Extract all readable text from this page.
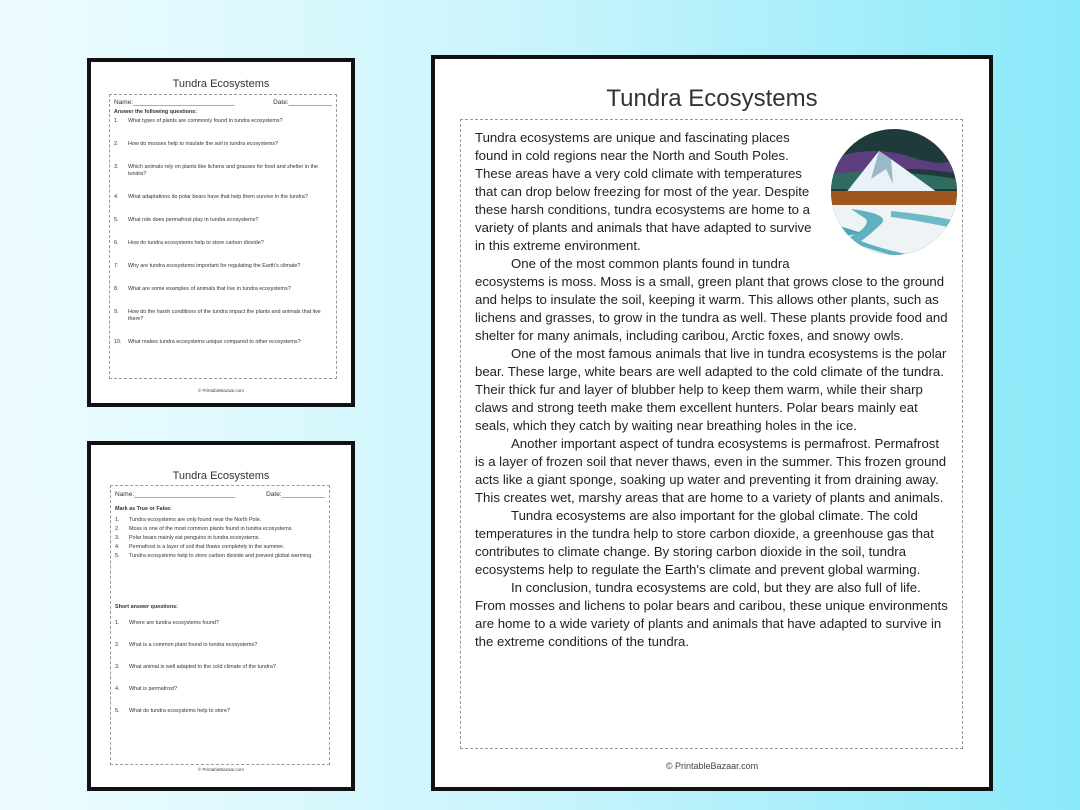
Tundra Ecosystems
Name:____________________________	Date:____________
Answer the following questions:
1.	What types of plants are commonly found in tundra ecosystems?
2.	How do mosses help to insulate the soil in tundra ecosystems?
3.	Which animals rely on plants like lichens and grasses for food and shelter in the tundra?
4.	What adaptations do polar bears have that help them survive in the tundra?
5.	What role does permafrost play in tundra ecosystems?
6.	How do tundra ecosystems help to store carbon dioxide?
7.	Why are tundra ecosystems important for regulating the Earth's climate?
8.	What are some examples of animals that live in tundra ecosystems?
9.	How do the harsh conditions of the tundra impact the plants and animals that live there?
10. What makes tundra ecosystems unique compared to other ecosystems?
© PrintableBazaar.com
Tundra Ecosystems
Name:____________________________	Date:____________
Mark as True or False:
1.	Tundra ecosystems are only found near the North Pole.
2.	Moss is one of the most common plants found in tundra ecosystems.
3.	Polar bears mainly eat penguins in tundra ecosystems.
4.	Permafrost is a layer of soil that thaws completely in the summer.
5.	Tundra ecosystems help to store carbon dioxide and prevent global warming.
Short answer questions:
1.	Where are tundra ecosystems found?
2.	What is a common plant found in tundra ecosystems?
3.	What animal is well adapted to the cold climate of the tundra?
4.	What is permafrost?
5.	What do tundra ecosystems help to store?
© PrintableBazaar.com
Tundra Ecosystems

Tundra ecosystems are unique and fascinating places found in cold regions near the North and South Poles. These areas have a very cold climate with temperatures that can drop below freezing for most of the year. Despite these harsh conditions, tundra ecosystems are home to a variety of plants and animals that have adapted to survive in this extreme environment.

One of the most common plants found in tundra ecosystems is moss. Moss is a small, green plant that grows close to the ground and helps to insulate the soil, keeping it warm. This allows other plants, such as lichens and grasses, to grow in the tundra as well. These plants provide food and shelter for many animals, including caribou, Arctic foxes, and snowy owls.

One of the most famous animals that live in tundra ecosystems is the polar bear. These large, white bears are well adapted to the cold climate of the tundra. Their thick fur and layer of blubber help to keep them warm, while their sharp claws and strong teeth make them excellent hunters. Polar bears mainly eat seals, which they catch by waiting near breathing holes in the ice.

Another important aspect of tundra ecosystems is permafrost. Permafrost is a layer of frozen soil that never thaws, even in the summer. This frozen ground acts like a giant sponge, soaking up water and preventing it from draining away. This creates wet, marshy areas that are home to a variety of plants and animals.

Tundra ecosystems are also important for the global climate. The cold temperatures in the tundra help to store carbon dioxide, a greenhouse gas that contributes to climate change. By storing carbon dioxide in the soil, tundra ecosystems help to regulate the Earth's climate and prevent global warming.

In conclusion, tundra ecosystems are cold, but they are also full of life. From mosses and lichens to polar bears and caribou, these unique environments are home to a wide variety of plants and animals that have adapted to survive in the extreme conditions of the tundra.

© PrintableBazaar.com
